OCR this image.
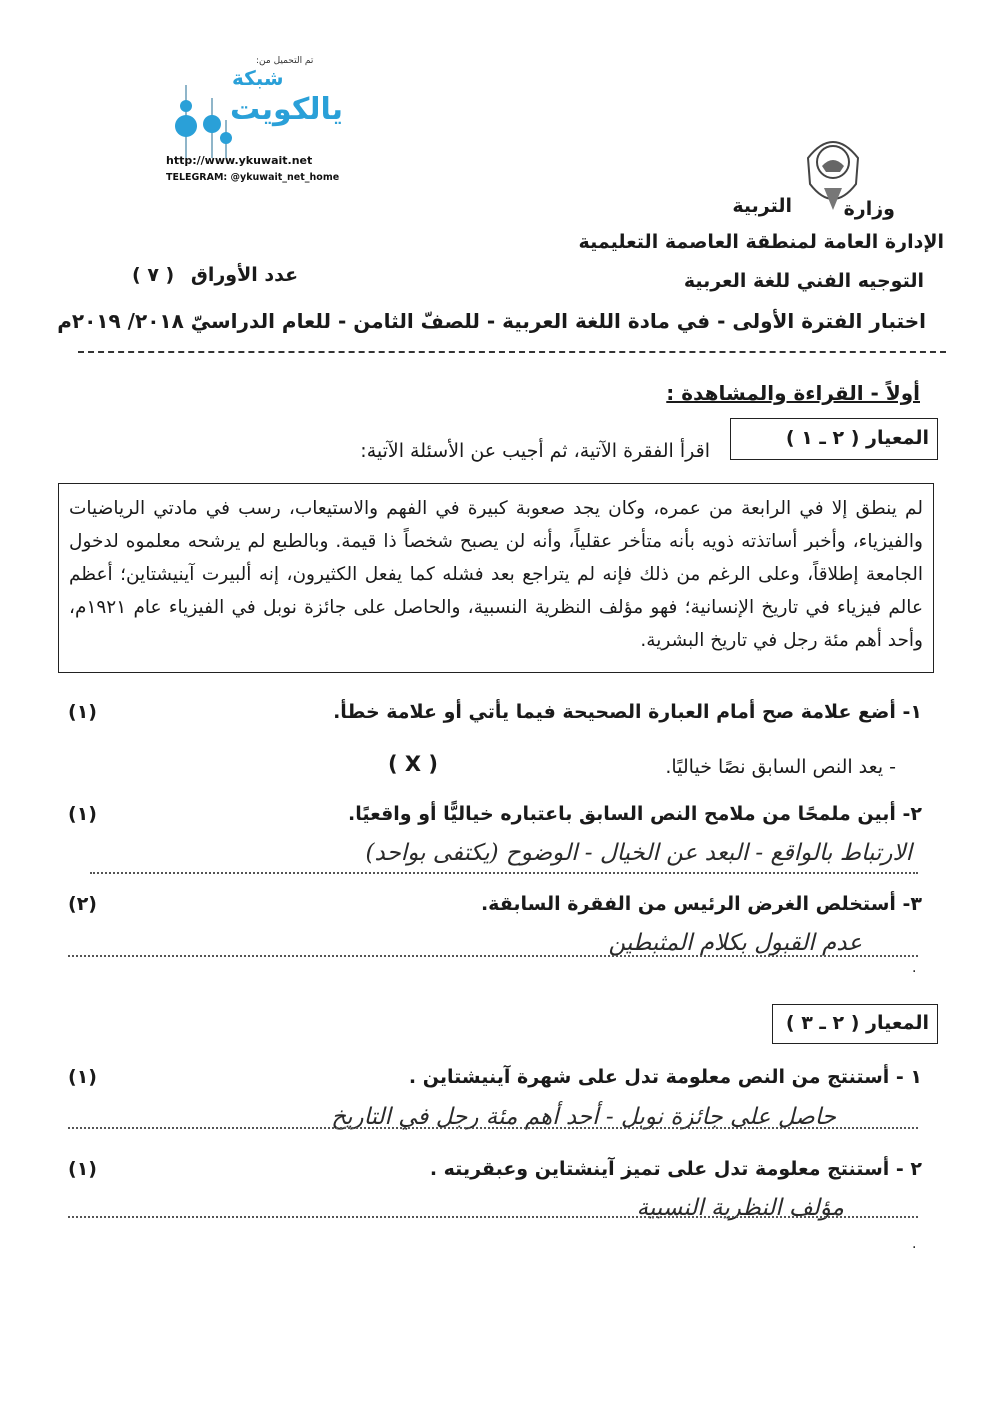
تم التحميل من:
شبكة
يالكويت
http://www.ykuwait.net
TELEGRAM: @ykuwait_net_home
وزارة
التربية
الإدارة العامة لمنطقة العاصمة التعليمية
التوجيه الفني للغة العربية
عدد الأوراق ( ٧ )
اختبار الفترة الأولى - في مادة اللغة العربية - للصفّ الثامن - للعام الدراسيّ ٢٠١٨/ ٢٠١٩م
أولاً - القراءة والمشاهدة :
المعيار ( ٢ ـ ١ )
اقرأ الفقرة الآتية، ثم أجيب عن الأسئلة الآتية:
لم ينطق إلا في الرابعة من عمره، وكان يجد صعوبة كبيرة في الفهم والاستيعاب، رسب في مادتي الرياضيات والفيزياء، وأخبر أساتذته ذويه بأنه متأخر عقلياً، وأنه لن يصبح شخصاً ذا قيمة. وبالطبع لم يرشحه معلموه لدخول الجامعة إطلاقاً، وعلى الرغم من ذلك فإنه لم يتراجع بعد فشله كما يفعل الكثيرون، إنه ألبيرت آينيشتاين؛ أعظم عالم فيزياء في تاريخ الإنسانية؛ فهو مؤلف النظرية النسبية، والحاصل على جائزة نوبل في الفيزياء عام ١٩٢١م، وأحد أهم مئة رجل في تاريخ البشرية.
١- أضع علامة صح أمام العبارة الصحيحة فيما يأتي أو علامة خطأ.
(١)
- يعد النص السابق نصًا خياليًا.
( X )
٢- أبين ملمحًا من ملامح النص السابق باعتباره خياليًّا أو واقعيًا.
(١)
الارتباط بالواقع - البعد عن الخيال - الوضوح (يكتفى بواحد)
٣- أستخلص الغرض الرئيس من الفقرة السابقة.
(٢)
عدم القبول بكلام المثبطين
.
المعيار ( ٢ ـ ٣ )
١ - أستنتج من النص معلومة تدل على شهرة آينيشتاين .
(١)
حاصل على جائزة نوبل - أحد أهم مئة رجل في التاريخ
٢ - أستنتج معلومة تدل على تميز آينشتاين وعبقريته .
(١)
مؤلف النظرية النسبية
.
